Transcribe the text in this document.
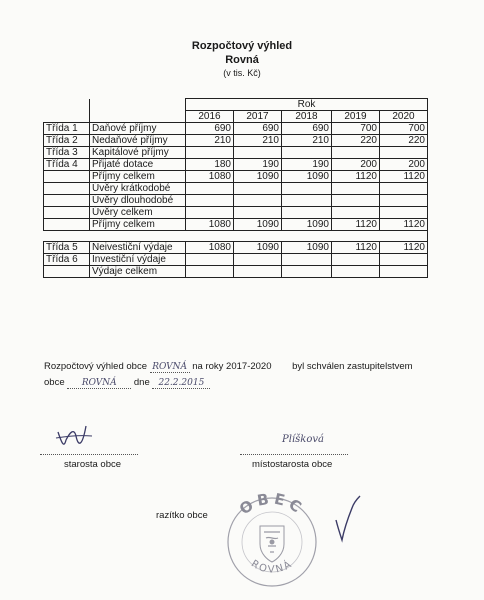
Rozpočtový výhled
Rovná
(v tis. Kč)
		Rok				
		2016	2017	2018	2019	2020
Třída 1	Daňové příjmy	690	690	690	700	700
Třída 2	Nedaňové příjmy	210	210	210	220	220
Třída 3	Kapitálové příjmy					
Třída 4	Přijaté dotace	180	190	190	200	200
	Příjmy celkem	1080	1090	1090	1120	1120
	Úvěry krátkodobé					
	Úvěry dlouhodobé					
	Úvěry celkem					
	Příjmy celkem	1080	1090	1090	1120	1120

Třída 5	Neivestiční výdaje	1080	1090	1090	1120	1120
Třída 6	Investiční výdaje					
	Výdaje celkem					
Rozpočtový výhled obce ROVNÁ na roky 2017-2020 byl schválen zastupitelstvem
obce ROVNÁ dne 22.2.2015
starosta obce
Plíšková
místostarosta obce
razítko obce OBEC
ROVNÁ
